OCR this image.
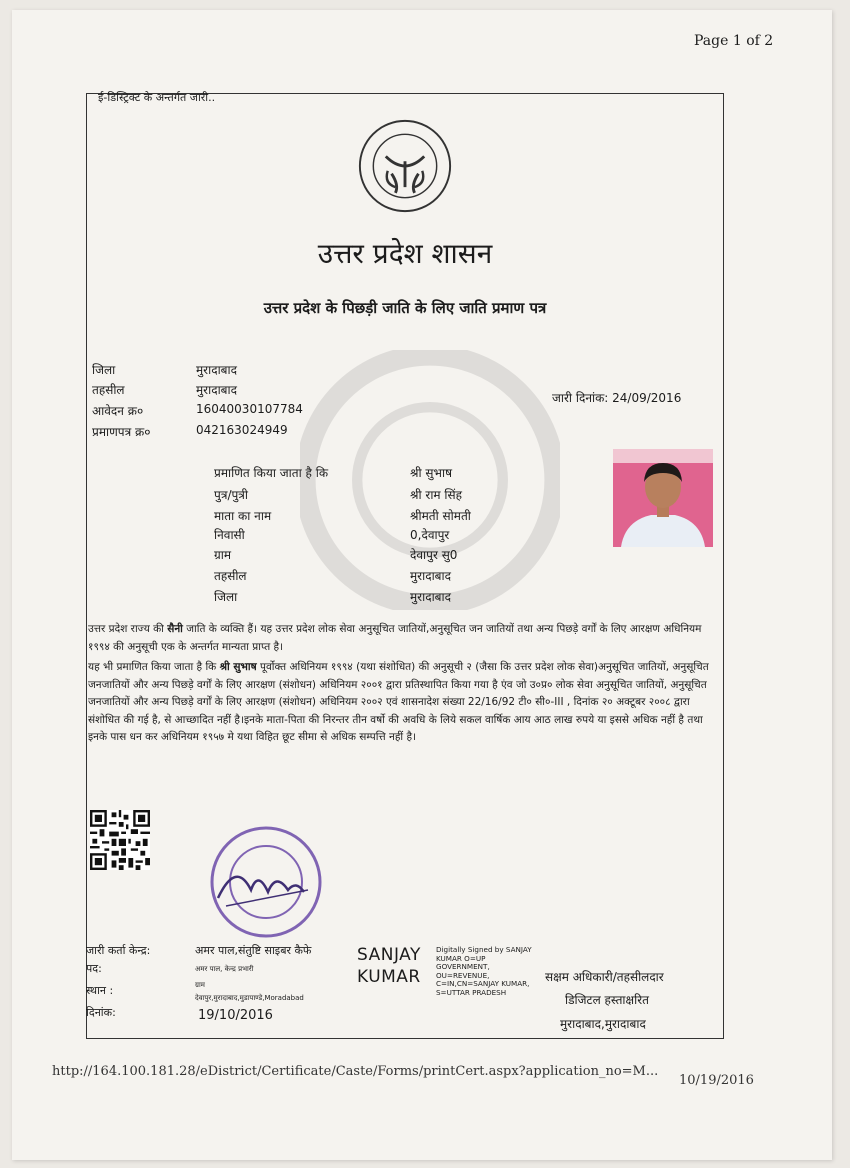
Page 1 of 2
ई-डिस्ट्रिक्ट के अन्तर्गत जारी..
उत्तर प्रदेश शासन
उत्तर प्रदेश के पिछड़ी जाति के लिए जाति प्रमाण पत्र
जिला	मुरादाबाद
तहसील	मुरादाबाद
आवेदन क्र०	16040030107784
प्रमाणपत्र क्र०	042163024949
जारी दिनांक: 24/09/2016
प्रमाणित किया जाता है कि	श्री सुभाष
पुत्र/पुत्री	श्री राम सिंह
माता का नाम	श्रीमती सोमती
निवासी	0,देवापुर
ग्राम	देवापुर सु0
तहसील	मुरादाबाद
जिला	मुरादाबाद
उत्तर प्रदेश राज्य की सैनी जाति के व्यक्ति हैं। यह उत्तर प्रदेश लोक सेवा अनुसूचित जातियों,अनुसूचित जन जातियों तथा अन्य पिछड़े वर्गों के लिए आरक्षण अधिनियम १९९४ की अनुसूची एक के अन्तर्गत मान्यता प्राप्त है।
यह भी प्रमाणित किया जाता है कि श्री सुभाष पूर्वोक्त अधिनियम १९९४ (यथा संशोधित) की अनुसूची २ (जैसा कि उत्तर प्रदेश लोक सेवा)अनुसूचित जातियों, अनुसूचित जनजातियों और अन्य पिछड़े वर्गों के लिए आरक्षण (संशोधन) अधिनियम २००१ द्वारा प्रतिस्थापित किया गया है एंव जो उ०प्र० लोक सेवा अनुसूचित जातियों, अनुसूचित जनजातियों और अन्य पिछड़े वर्गों के लिए आरक्षण (संशोधन) अधिनियम २००२ एवं शासनादेश संख्या 22/16/92 टी० सी०-III , दिनांक २० अक्टूबर २००८ द्वारा संशोधित की गई है, से आच्छादित नहीं है।इनके माता-पिता की निरन्तर तीन वर्षो की अवधि के लिये सकल वार्षिक आय आठ लाख रुपये या इससे अधिक नहीं है तथा इनके पास धन कर अधिनियम १९५७ मे यथा विहित छूट सीमा से अधिक सम्पत्ति नहीं है।
जारी कर्ता केन्द्र:	अमर पाल,संतुष्टि साइबर कैफे
पद:	अमर पाल, केन्द्र प्रभारी
स्थान :	ग्राम
देवापुर,मुरादाबाद,मुडापाण्डे,Moradabad
दिनांक:	19/10/2016
SANJAY
KUMAR
Digitally Signed by SANJAY KUMAR O=UP GOVERNMENT, OU=REVENUE, C=IN,CN=SANJAY KUMAR, S=UTTAR PRADESH
सक्षम अधिकारी/तहसीलदार
डिजिटल हस्ताक्षरित
मुरादाबाद,मुरादाबाद
http://164.100.181.28/eDistrict/Certificate/Caste/Forms/printCert.aspx?application_no=M...
10/19/2016
